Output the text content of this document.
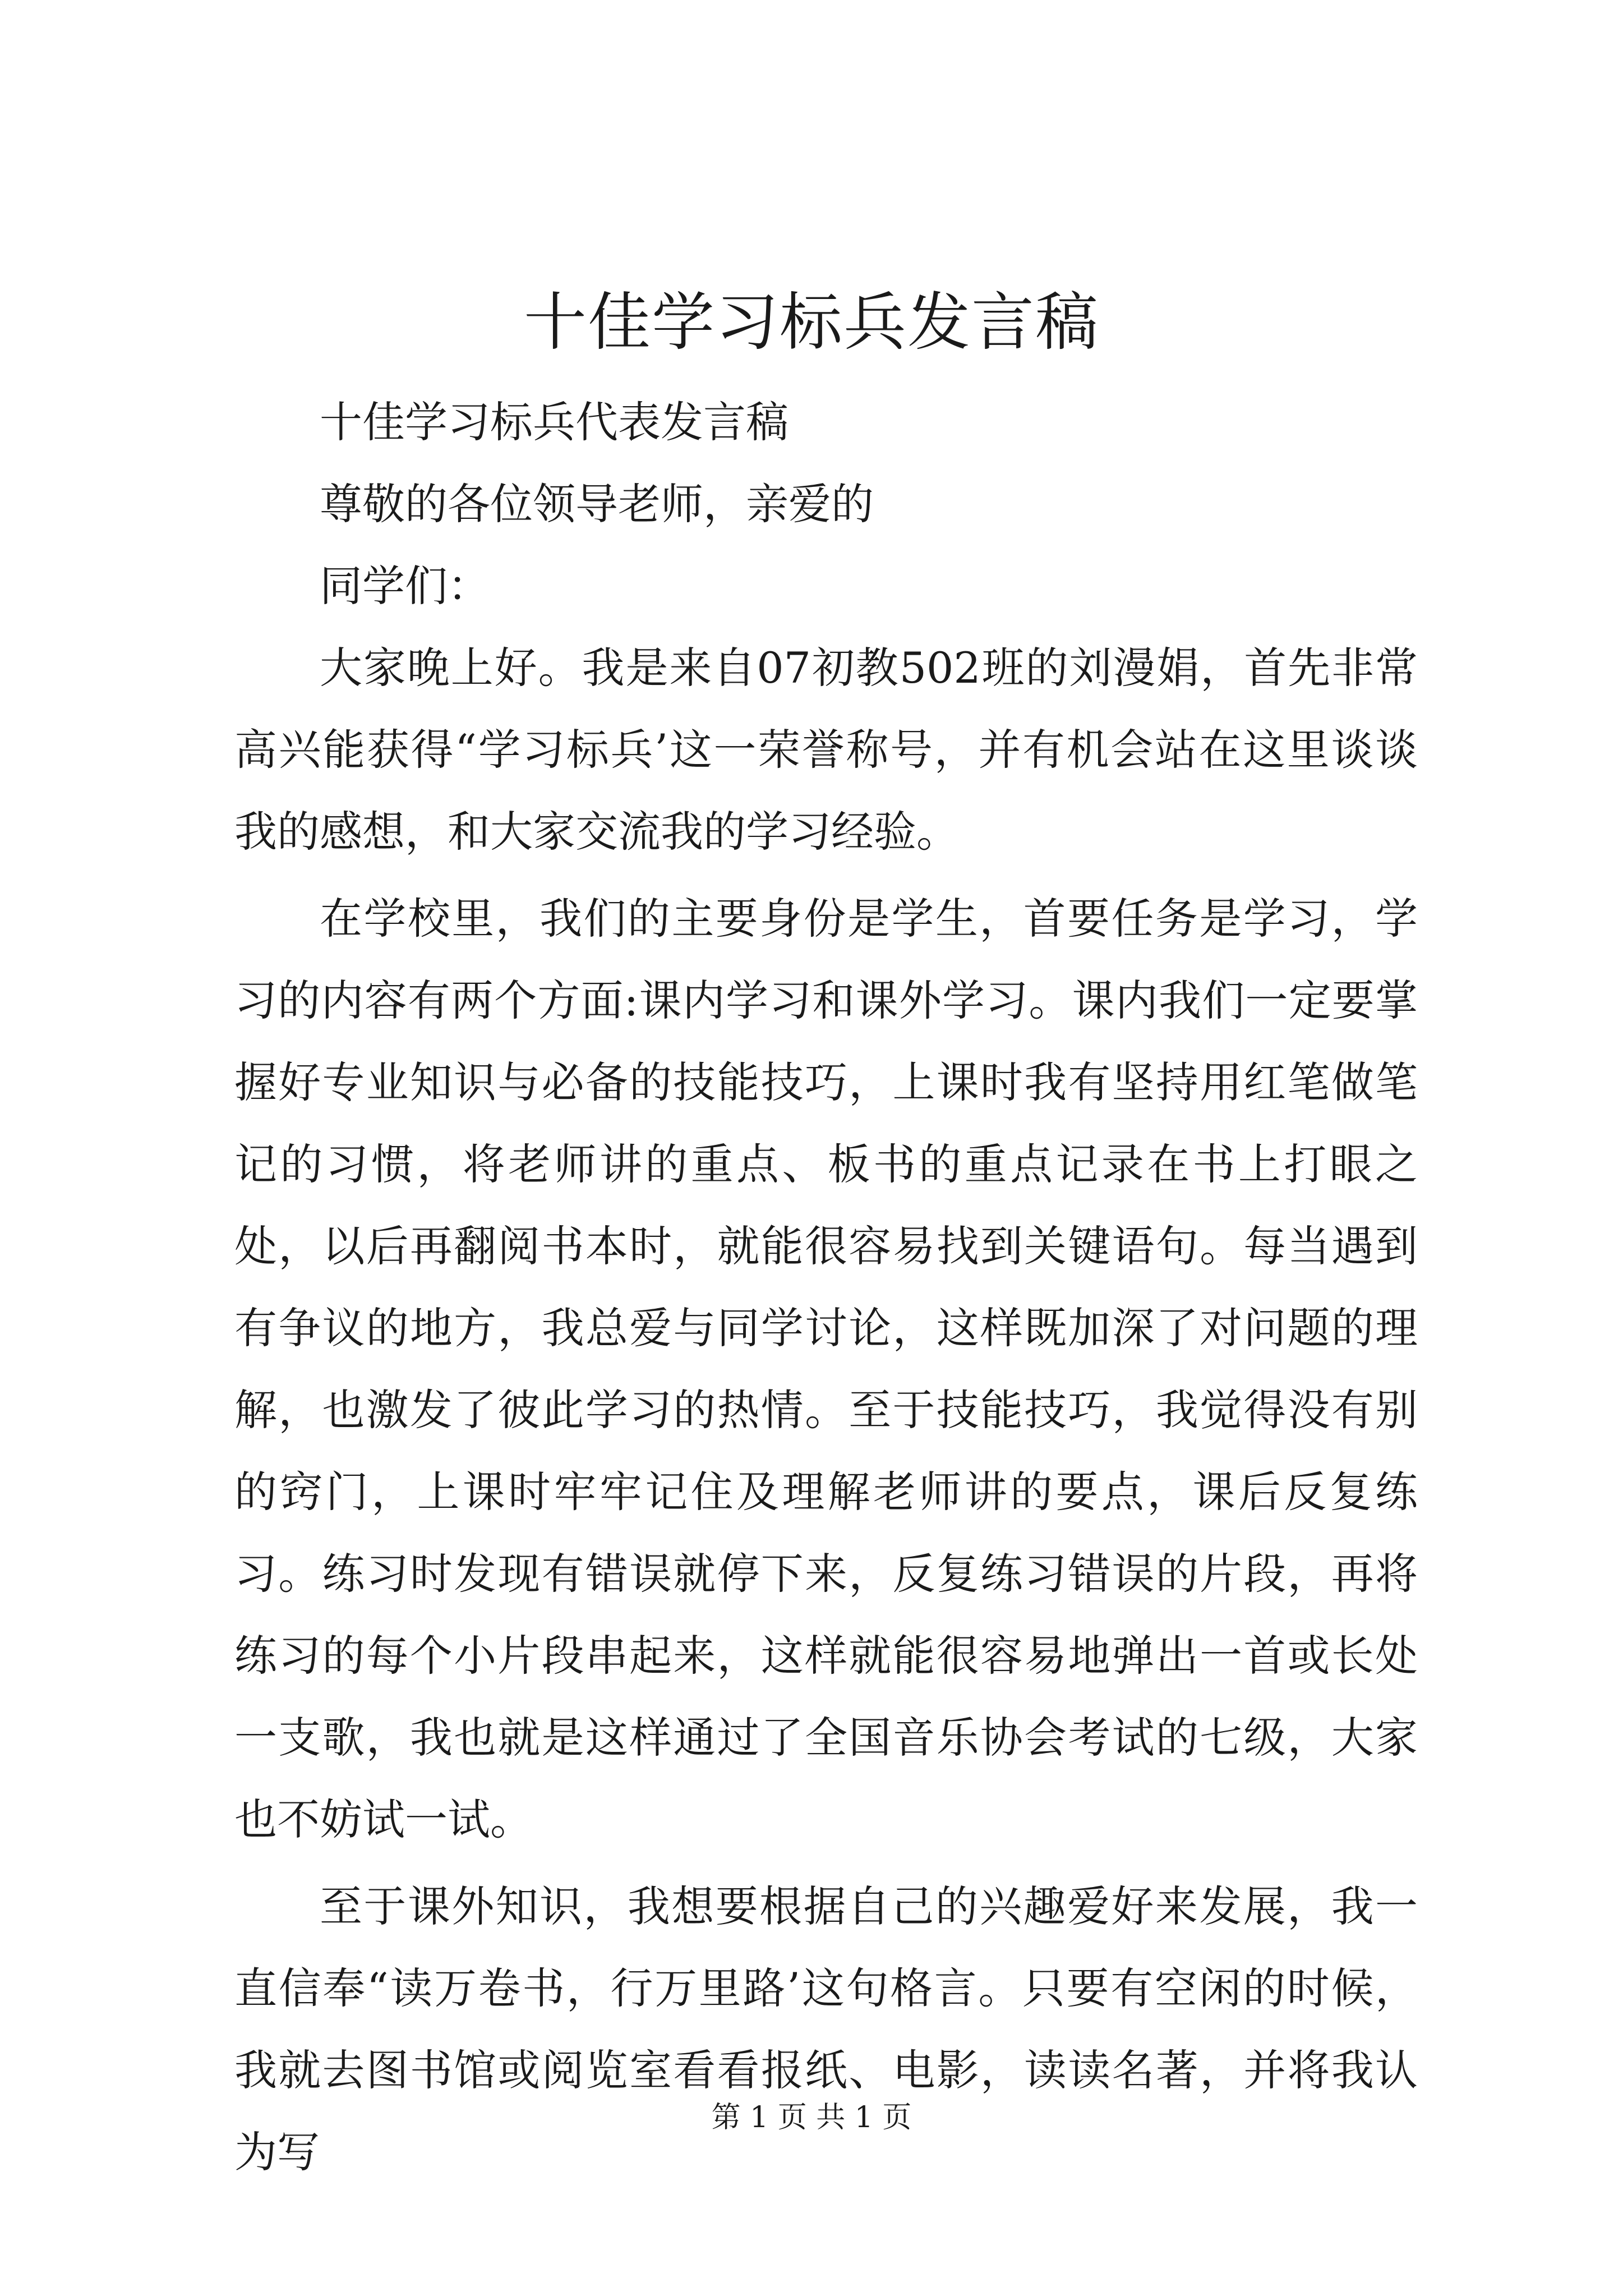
十佳学习标兵发言稿

十佳学习标兵代表发言稿

尊敬的各位领导老师，亲爱的

同学们：

大家晚上好。我是来自07初教502班的刘漫娟，首先非常高兴能获得“学习标兵’这一荣誉称号，并有机会站在这里谈谈我的感想，和大家交流我的学习经验。

在学校里，我们的主要身份是学生，首要任务是学习，学习的内容有两个方面:课内学习和课外学习。课内我们一定要掌握好专业知识与必备的技能技巧，上课时我有坚持用红笔做笔记的习惯，将老师讲的重点、板书的重点记录在书上打眼之处，以后再翻阅书本时，就能很容易找到关键语句。每当遇到有争议的地方，我总爱与同学讨论，这样既加深了对问题的理解，也激发了彼此学习的热情。至于技能技巧，我觉得没有别的窍门，上课时牢牢记住及理解老师讲的要点，课后反复练习。练习时发现有错误就停下来，反复练习错误的片段，再将练习的每个小片段串起来，这样就能很容易地弹出一首或长处一支歌，我也就是这样通过了全国音乐协会考试的七级，大家也不妨试一试。

至于课外知识，我想要根据自己的兴趣爱好来发展，我一直信奉“读万卷书，行万里路’这句格言。只要有空闲的时候，我就去图书馆或阅览室看看报纸、电影，读读名著，并将我认为写

第 1 页 共 1 页
